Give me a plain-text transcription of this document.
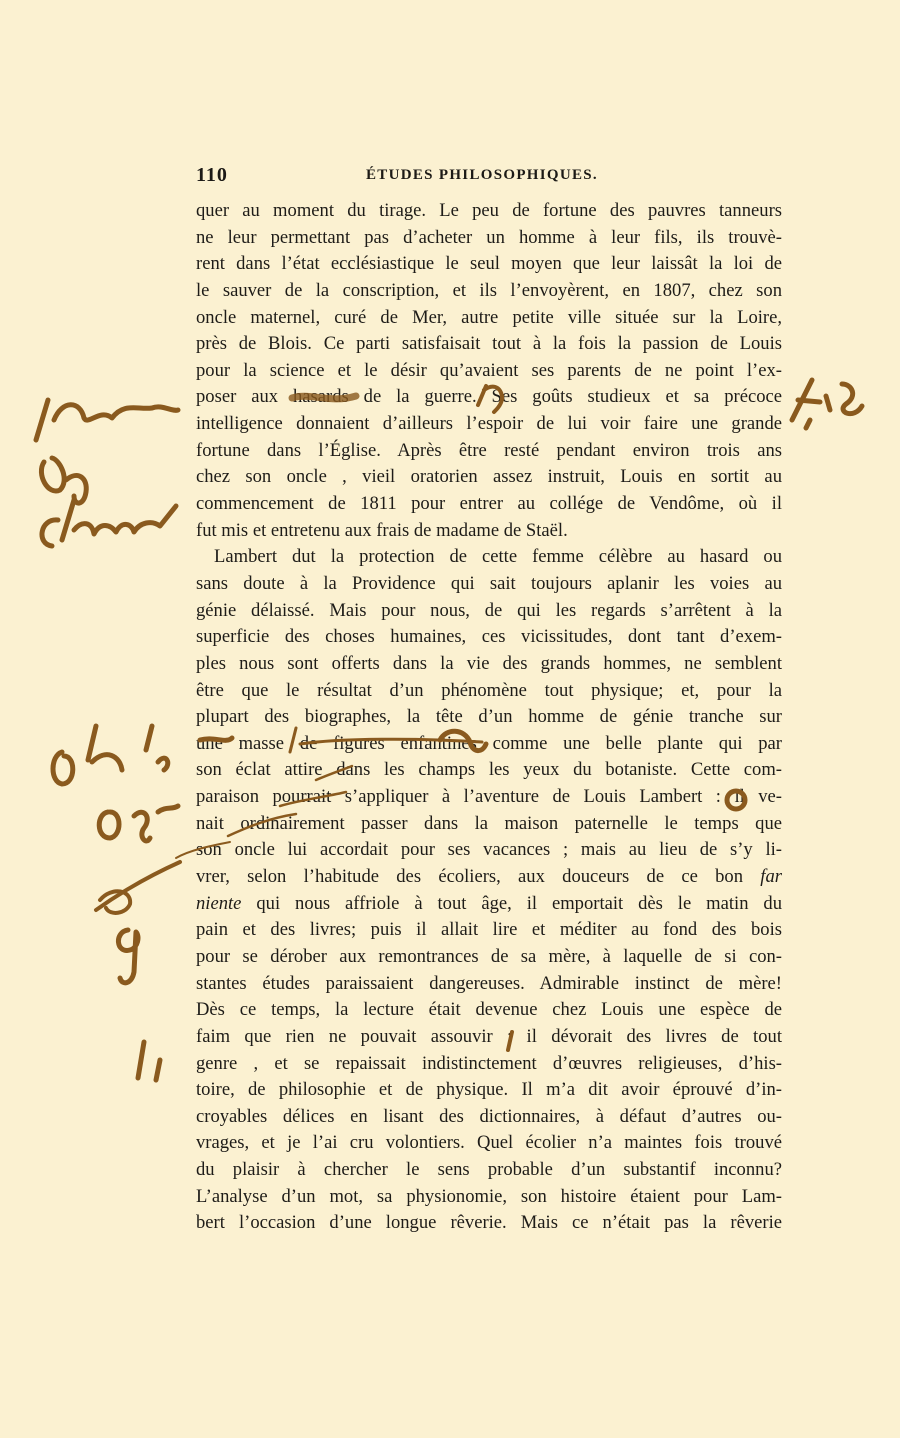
110	ÉTUDES PHILOSOPHIQUES.
quer au moment du tirage. Le peu de fortune des pauvres tanneurs
ne leur permettant pas d’acheter un homme à leur fils, ils trouvè-
rent dans l’état ecclésiastique le seul moyen que leur laissât la loi de
le sauver de la conscription, et ils l’envoyèrent, en 1807, chez son
oncle maternel, curé de Mer, autre petite ville située sur la Loire,
près de Blois. Ce parti satisfaisait tout à la fois la passion de Louis
pour la science et le désir qu’avaient ses parents de ne point l’ex-
poser aux hasards de la guerre. Ses goûts studieux et sa précoce
intelligence donnaient d’ailleurs l’espoir de lui voir faire une grande
fortune dans l’Église. Après être resté pendant environ trois ans
chez son oncle , vieil oratorien assez instruit, Louis en sortit au
commencement de 1811 pour entrer au collége de Vendôme, où il
fut mis et entretenu aux frais de madame de Staël.
Lambert dut la protection de cette femme célèbre au hasard ou
sans doute à la Providence qui sait toujours aplanir les voies au
génie délaissé. Mais pour nous, de qui les regards s’arrêtent à la
superficie des choses humaines, ces vicissitudes, dont tant d’exem-
ples nous sont offerts dans la vie des grands hommes, ne semblent
être que le résultat d’un phénomène tout physique; et, pour la
plupart des biographes, la tête d’un homme de génie tranche sur
une masse de figures enfantines comme une belle plante qui par
son éclat attire dans les champs les yeux du botaniste. Cette com-
paraison pourrait s’appliquer à l’aventure de Louis Lambert : il ve-
nait ordinairement passer dans la maison paternelle le temps que
son oncle lui accordait pour ses vacances ; mais au lieu de s’y li-
vrer, selon l’habitude des écoliers, aux douceurs de ce bon far
niente qui nous affriole à tout âge, il emportait dès le matin du
pain et des livres; puis il allait lire et méditer au fond des bois
pour se dérober aux remontrances de sa mère, à laquelle de si con-
stantes études paraissaient dangereuses. Admirable instinct de mère!
Dès ce temps, la lecture était devenue chez Louis une espèce de
faim que rien ne pouvait assouvir ; il dévorait des livres de tout
genre , et se repaissait indistinctement d’œuvres religieuses, d’his-
toire, de philosophie et de physique. Il m’a dit avoir éprouvé d’in-
croyables délices en lisant des dictionnaires, à défaut d’autres ou-
vrages, et je l’ai cru volontiers. Quel écolier n’a maintes fois trouvé
du plaisir à chercher le sens probable d’un substantif inconnu?
L’analyse d’un mot, sa physionomie, son histoire étaient pour Lam-
bert l’occasion d’une longue rêverie. Mais ce n’était pas la rêverie
